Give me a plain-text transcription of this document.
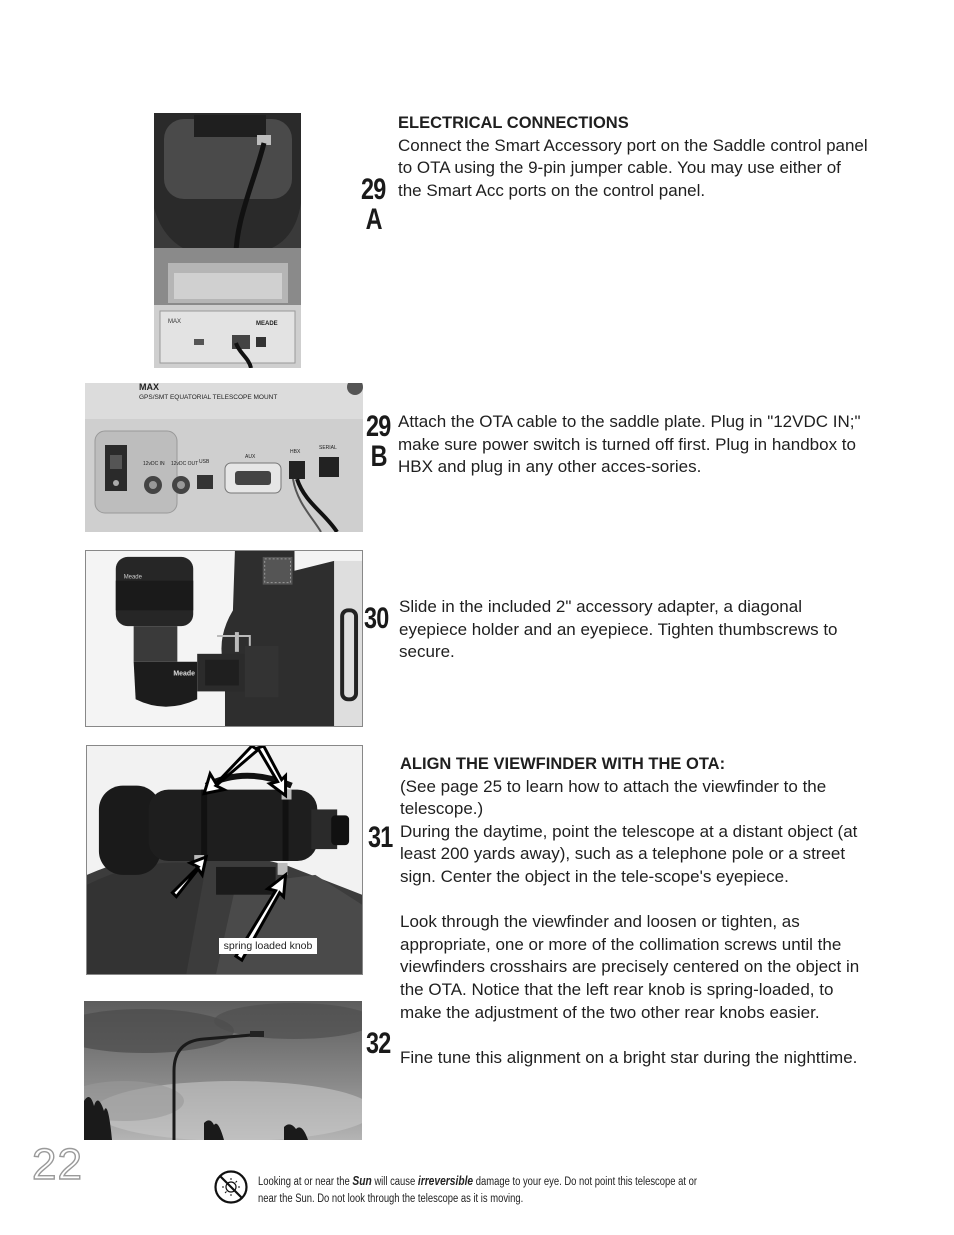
MAX	MEADE
29
A
ELECTRICAL CONNECTIONS
Connect the Smart Accessory port on the Saddle control panel to OTA using the 9-pin jumper cable. You may use either of the Smart Acc ports on the control panel.
MAX
GPS/SMT EQUATORIAL TELESCOPE MOUNT
12vDC IN 12vDC OUT USB
AUX
HBX
SERIAL
29
B
Attach the OTA cable to the saddle plate. Plug in "12VDC IN;" make sure power switch is turned off first. Plug in handbox to HBX and plug in any other acces-sories.
Meade
Meade
30 Slide in the included 2" accessory adapter, a diagonal eyepiece holder and an eyepiece. Tighten thumbscrews to secure.
spring loaded knob
31
ALIGN THE VIEWFINDER WITH THE OTA:
(See page 25 to learn how to attach the viewfinder to the telescope.)
During the daytime, point the telescope at a distant object (at least 200 yards away), such as a telephone pole or a street sign. Center the object in the tele-scope's eyepiece.
Look through the viewfinder and loosen or tighten, as appropriate, one or more of the collimation screws until the viewfinders crosshairs are precisely centered on the object in the OTA. Notice that the left rear knob is spring-loaded, to make the adjustment of the two other rear knobs easier.
Fine tune this alignment on a bright star during the nighttime.
32
22	Looking at or near the Sun will cause irreversible damage to your eye. Do not point this telescope at or near the Sun. Do not look through the telescope as it is moving.
